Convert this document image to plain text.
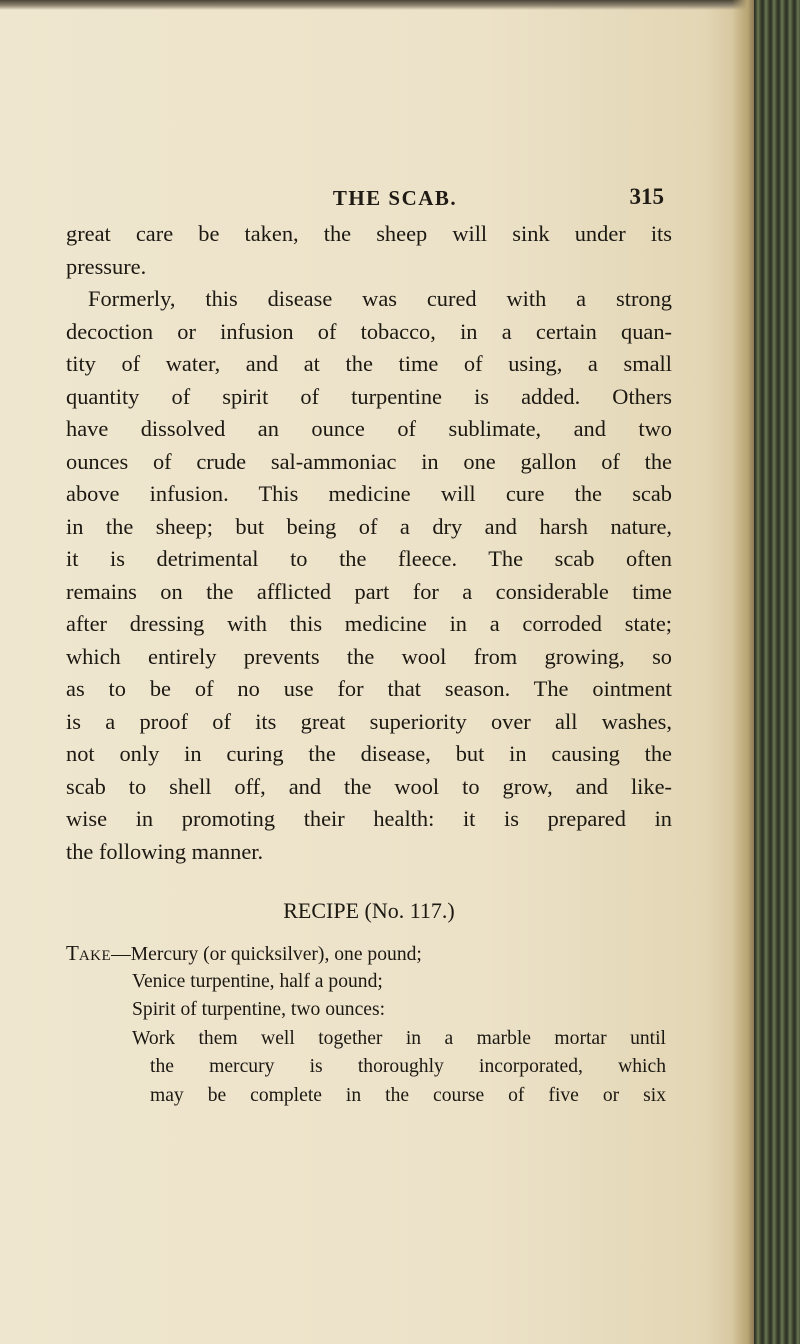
THE SCAB.	315
great care be taken, the sheep will sink under its
pressure.
Formerly, this disease was cured with a strong
decoction or infusion of tobacco, in a certain quan-
tity of water, and at the time of using, a small
quantity of spirit of turpentine is added. Others
have dissolved an ounce of sublimate, and two
ounces of crude sal-ammoniac in one gallon of the
above infusion. This medicine will cure the scab
in the sheep; but being of a dry and harsh nature,
it is detrimental to the fleece. The scab often
remains on the afflicted part for a considerable time
after dressing with this medicine in a corroded state;
which entirely prevents the wool from growing, so
as to be of no use for that season. The ointment
is a proof of its great superiority over all washes,
not only in curing the disease, but in causing the
scab to shell off, and the wool to grow, and like-
wise in promoting their health: it is prepared in
the following manner.
RECIPE (No. 117.)
TAKE—Mercury (or quicksilver), one pound;
Venice turpentine, half a pound;
Spirit of turpentine, two ounces:
Work them well together in a marble mortar until
the mercury is thoroughly incorporated, which
may be complete in the course of five or six
